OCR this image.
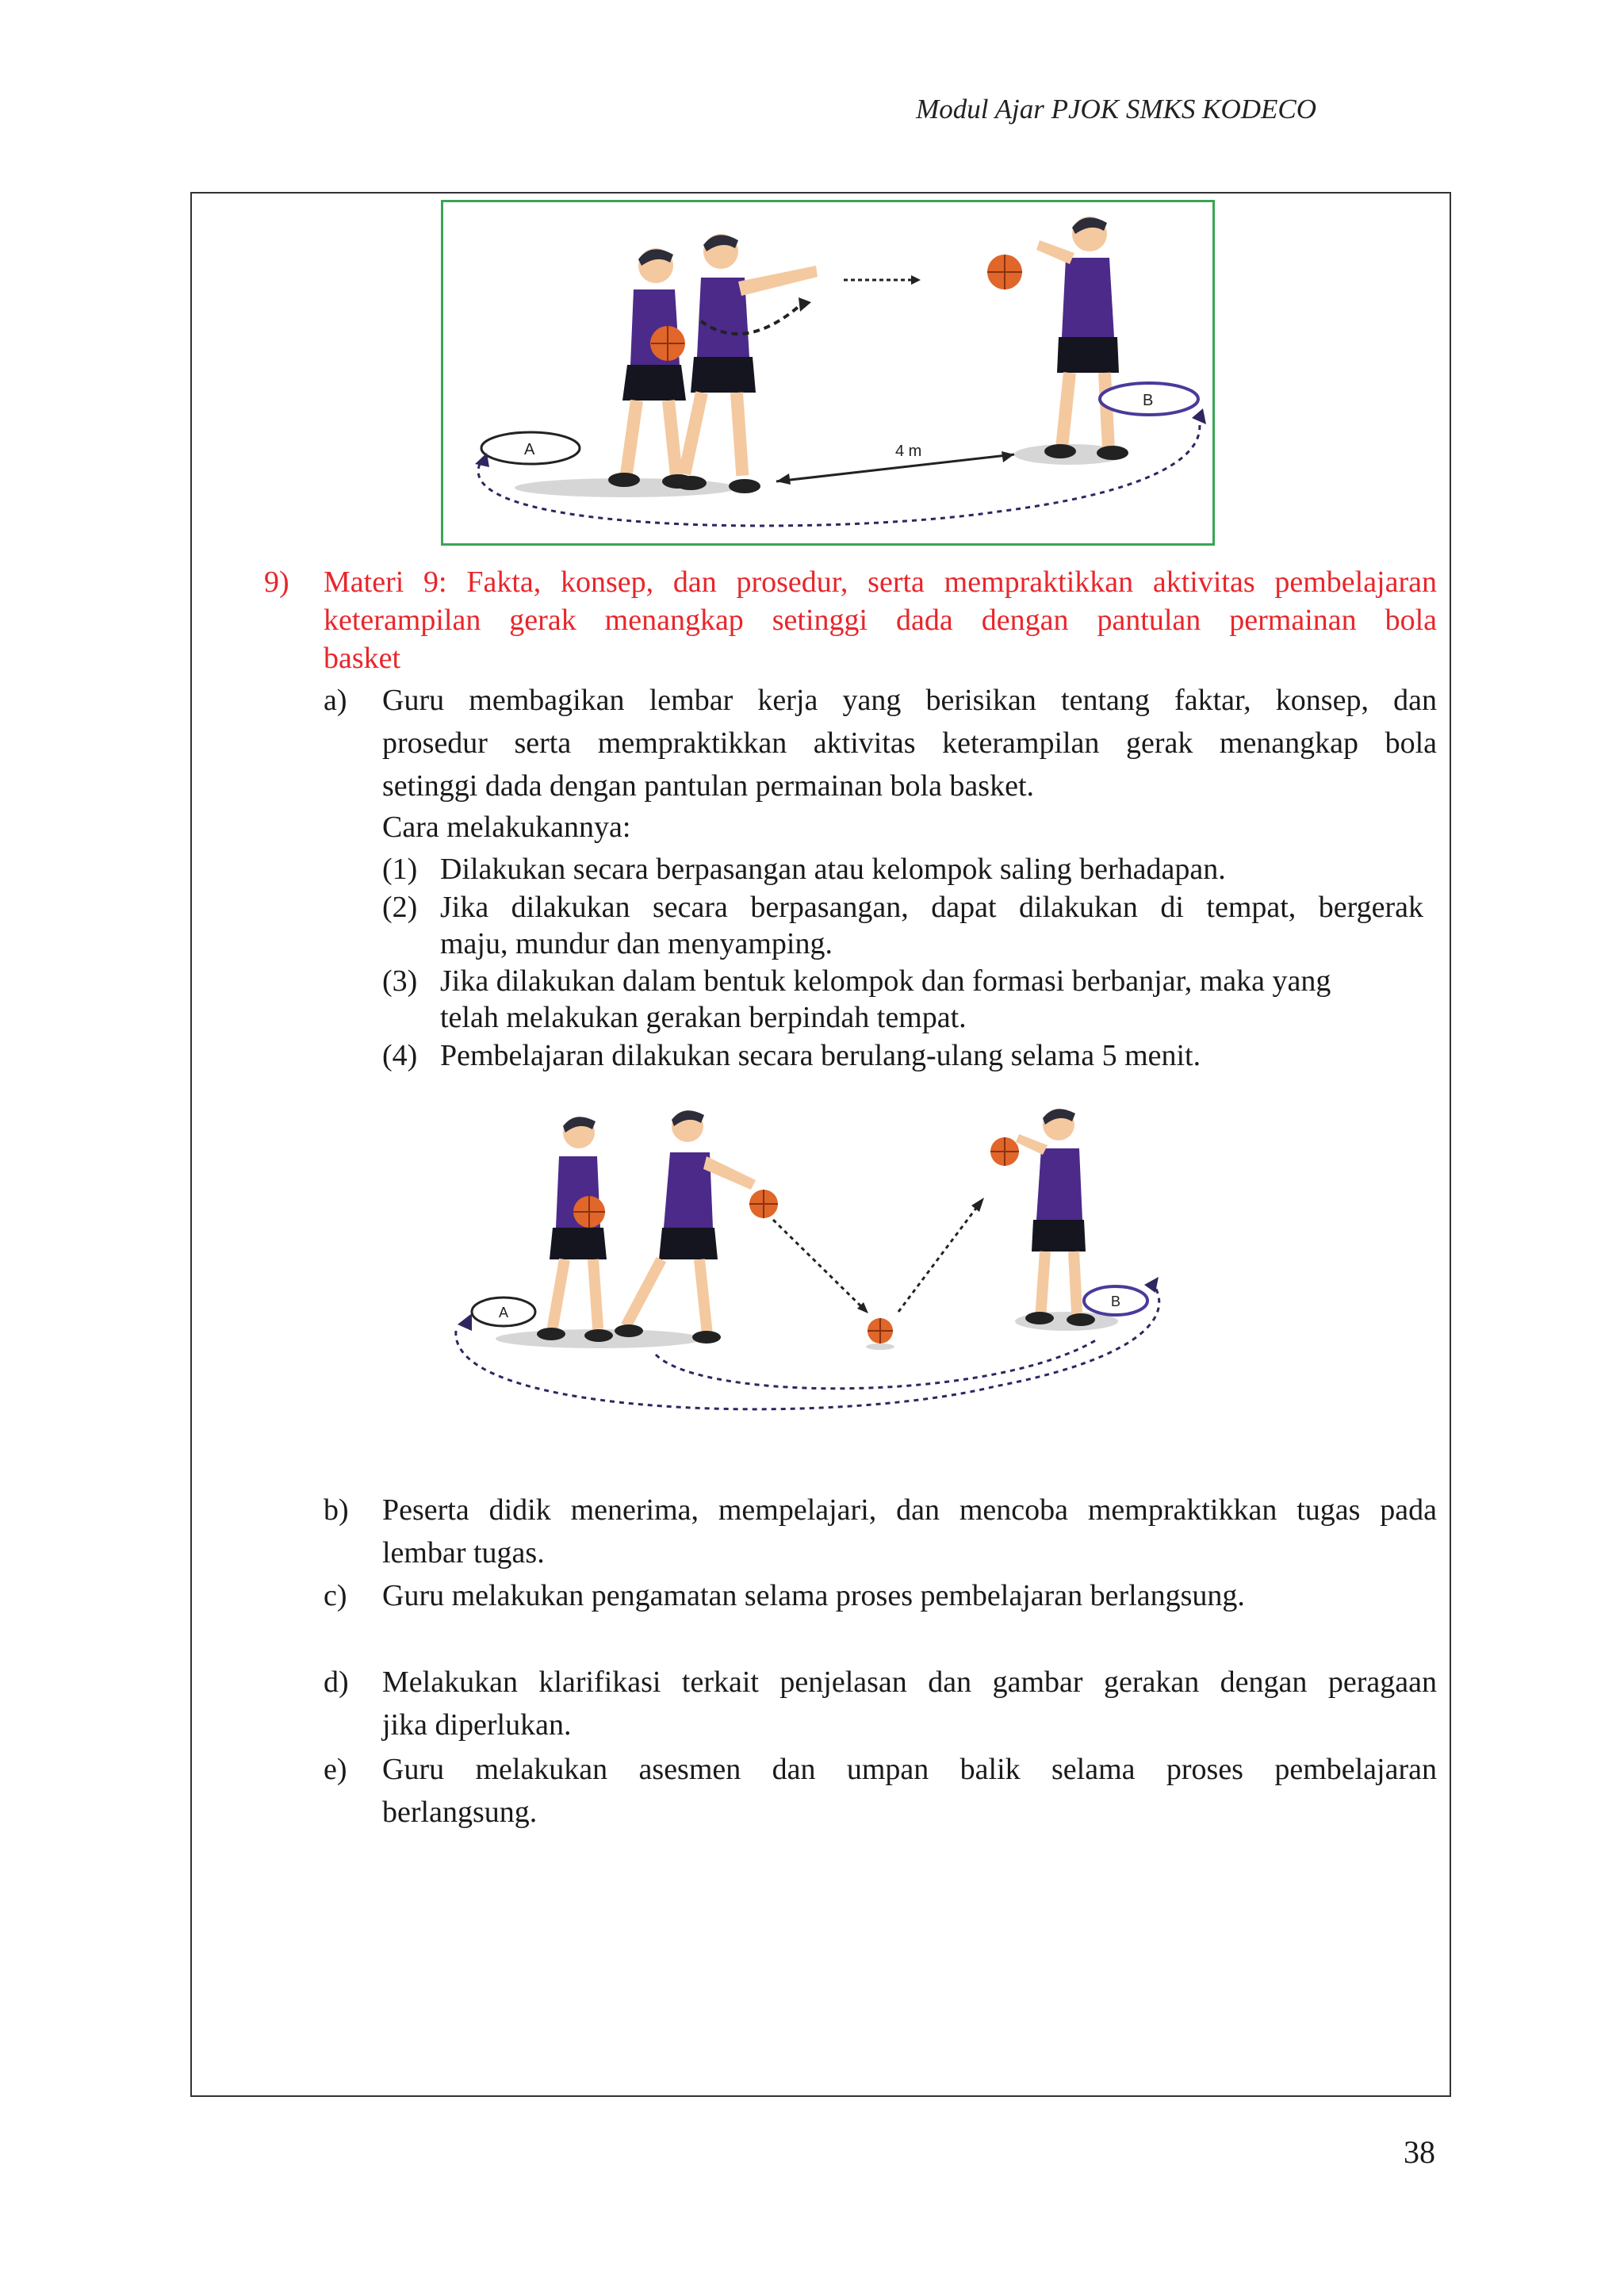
Modul Ajar PJOK SMKS KODECO
4 m
A
B
9) Materi 9: Fakta, konsep, dan prosedur, serta mempraktikkan aktivitas pembelajaran
keterampilan gerak menangkap setinggi dada dengan pantulan permainan bola
basket
a) Guru membagikan lembar kerja yang berisikan tentang faktar, konsep, dan
prosedur serta mempraktikkan aktivitas keterampilan gerak menangkap bola
setinggi dada dengan pantulan permainan bola basket.
Cara melakukannya:
(1) Dilakukan secara berpasangan atau kelompok saling berhadapan.
(2) Jika dilakukan secara berpasangan, dapat dilakukan di tempat, bergerak
maju, mundur dan menyamping.
(3) Jika dilakukan dalam bentuk kelompok dan formasi berbanjar, maka yang
telah melakukan gerakan berpindah tempat.
(4) Pembelajaran dilakukan secara berulang-ulang selama 5 menit.
A
B
b) Peserta didik menerima, mempelajari, dan mencoba mempraktikkan tugas pada
lembar tugas.
c) Guru melakukan pengamatan selama proses pembelajaran berlangsung.
d) Melakukan klarifikasi terkait penjelasan dan gambar gerakan dengan peragaan
jika diperlukan.
e) Guru melakukan asesmen dan umpan balik selama proses pembelajaran
berlangsung.
38
